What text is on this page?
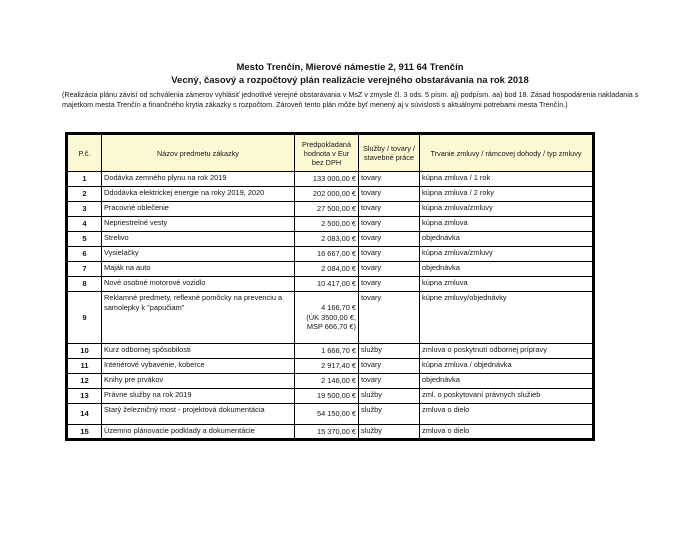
Mesto Trenčín, Mierové námestie 2, 911 64 Trenčín
Vecný, časový a rozpočtový plán realizácie verejného obstarávania na rok 2018
(Realizácia plánu závisí od schválenia zámerov vyhlásiť jednotlivé verejné obstarávania v MsZ v zmysle čl. 3 ods. 5 písm. aj) podpísm. aa) bod 18. Zásad hospodárenia nakladania s majetkom mesta Trenčín a finančného krytia zákazky s rozpočtom. Zároveň tento plán môže byť menený aj v súvislosti s aktuálnymi potrebami mesta Trenčín.)
P.č.	Názov predmetu zákazky	Predpokladaná hodnota v Eur bez DPH	Služby / tovary / stavebné práce	Trvanie zmluvy / rámcovej dohody / typ zmluvy
1	Dodávka zemného plynu na rok 2019	133 000,00 €	tovary	kúpna zmluva / 1 rok
2	Ddodávka elektrickej energie na roky 2019, 2020	202 000,00 €	tovary	kúpna zmluva / 2 roky
3	Pracovné oblečenie	27 500,00 €	tovary	kúpna zmluva/zmluvy
4	Nepriestrelné vesty	2 500,00 €	tovary	kúpna zmluva
5	Strelivo	2 083,00 €	tovary	objednávka
6	Vysielačky	16 667,00 €	tovary	kúpna zmluva/zmluvy
7	Maják na auto	2 084,00 €	tovary	objednávka
8	Nové osobné motorové vozidlo	10 417,00 €	tovary	kúpna zmluva
9	Reklamné predmety, reflexné pomôcky na prevenciu a samolepky k "papučiam"	4 166,70 €
(ÚK 3500,00 €,
MSP 666,70 €)	tovary	kúpne zmluvy/objednávky
10	Kurz odbornej spôsobilosti	1 666,70 €	služby	zmluva o poskytnutí odbornej prípravy
11	Interiérové vybavenie, koberce	2 917,40 €	tovary	kúpna zmluva / objednávka
12	Knihy pre prvákov	2 146,00 €	tovary	objednávka
13	Právne služby na rok 2019	19 500,00 €	služby	zml. o poskytovaní právnych služieb
14	Starý železničný most - projektová dokumentácia	54 150,00 €	služby	zmluva o dielo
15	Územno plánovacie podklady a dokumentácie	15 370,00 €	služby	zmluva o dielo
